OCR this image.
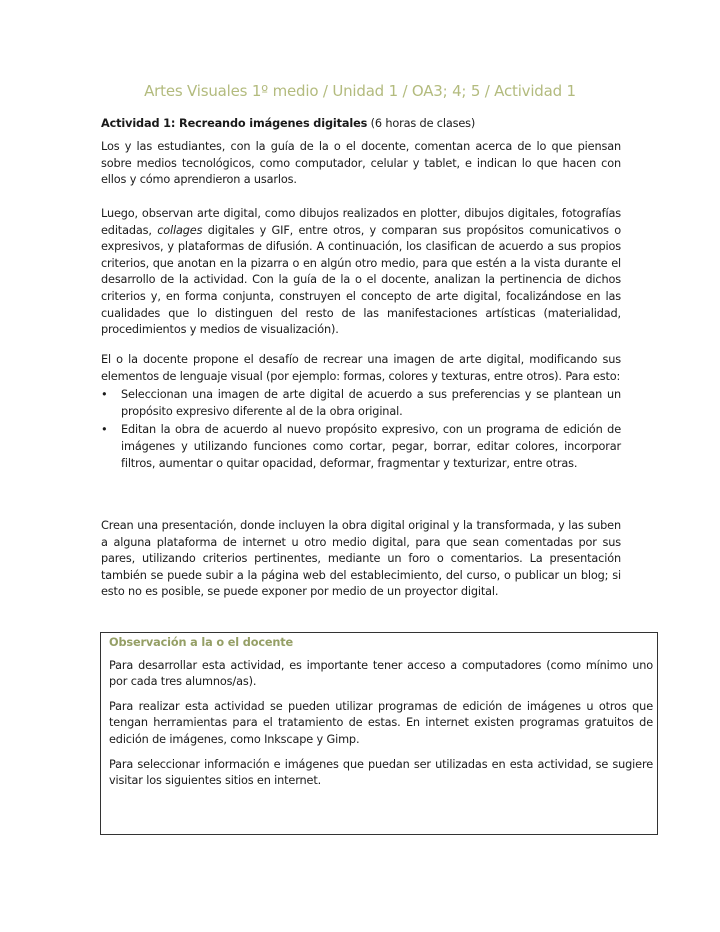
Artes Visuales 1º medio / Unidad 1 / OA3; 4; 5 / Actividad 1
Actividad 1: Recreando imágenes digitales (6 horas de clases)

Los y las estudiantes, con la guía de la o el docente, comentan acerca de lo que piensan sobre medios tecnológicos, como computador, celular y tablet, e indican lo que hacen con ellos y cómo aprendieron a usarlos.

Luego, observan arte digital, como dibujos realizados en plotter, dibujos digitales, fotografías editadas, collages digitales y GIF, entre otros, y comparan sus propósitos comunicativos o expresivos, y plataformas de difusión. A continuación, los clasifican de acuerdo a sus propios criterios, que anotan en la pizarra o en algún otro medio, para que estén a la vista durante el desarrollo de la actividad. Con la guía de la o el docente, analizan la pertinencia de dichos criterios y, en forma conjunta, construyen el concepto de arte digital, focalizándose en las cualidades que lo distinguen del resto de las manifestaciones artísticas (materialidad, procedimientos y medios de visualización).

El o la docente propone el desafío de recrear una imagen de arte digital, modificando sus elementos de lenguaje visual (por ejemplo: formas, colores y texturas, entre otros). Para esto:

• Seleccionan una imagen de arte digital de acuerdo a sus preferencias y se plantean un propósito expresivo diferente al de la obra original.
• Editan la obra de acuerdo al nuevo propósito expresivo, con un programa de edición de imágenes y utilizando funciones como cortar, pegar, borrar, editar colores, incorporar filtros, aumentar o quitar opacidad, deformar, fragmentar y texturizar, entre otras.

Crean una presentación, donde incluyen la obra digital original y la transformada, y las suben a alguna plataforma de internet u otro medio digital, para que sean comentadas por sus pares, utilizando criterios pertinentes, mediante un foro o comentarios. La presentación también se puede subir a la página web del establecimiento, del curso, o publicar un blog; si esto no es posible, se puede exponer por medio de un proyector digital.

Observación a la o el docente

Para desarrollar esta actividad, es importante tener acceso a computadores (como mínimo uno por cada tres alumnos/as).

Para realizar esta actividad se pueden utilizar programas de edición de imágenes u otros que tengan herramientas para el tratamiento de estas. En internet existen programas gratuitos de edición de imágenes, como Inkscape y Gimp.

Para seleccionar información e imágenes que puedan ser utilizadas en esta actividad, se sugiere visitar los siguientes sitios en internet.
